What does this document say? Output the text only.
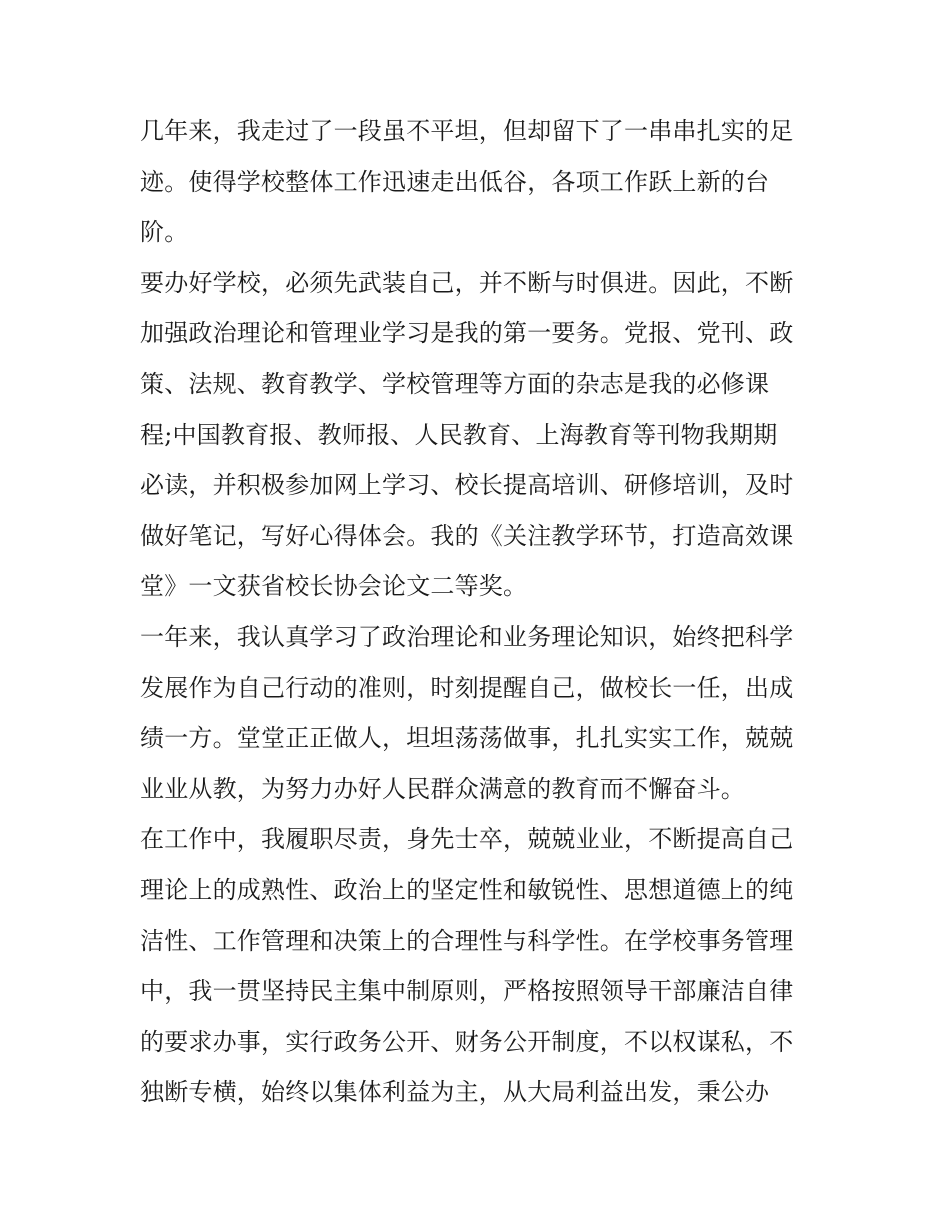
几年来，我走过了一段虽不平坦，但却留下了一串串扎实的足
迹。使得学校整体工作迅速走出低谷，各项工作跃上新的台
阶。
要办好学校，必须先武装自己，并不断与时俱进。因此，不断
加强政治理论和管理业学习是我的第一要务。党报、党刊、政
策、法规、教育教学、学校管理等方面的杂志是我的必修课
程;中国教育报、教师报、人民教育、上海教育等刊物我期期
必读，并积极参加网上学习、校长提高培训、研修培训，及时
做好笔记，写好心得体会。我的《关注教学环节，打造高效课
堂》一文获省校长协会论文二等奖。
一年来，我认真学习了政治理论和业务理论知识，始终把科学
发展作为自己行动的准则，时刻提醒自己，做校长一任，出成
绩一方。堂堂正正做人，坦坦荡荡做事，扎扎实实工作，兢兢
业业从教，为努力办好人民群众满意的教育而不懈奋斗。
在工作中，我履职尽责，身先士卒，兢兢业业，不断提高自己
理论上的成熟性、政治上的坚定性和敏锐性、思想道德上的纯
洁性、工作管理和决策上的合理性与科学性。在学校事务管理
中，我一贯坚持民主集中制原则，严格按照领导干部廉洁自律
的要求办事，实行政务公开、财务公开制度，不以权谋私，不
独断专横，始终以集体利益为主，从大局利益出发，秉公办
